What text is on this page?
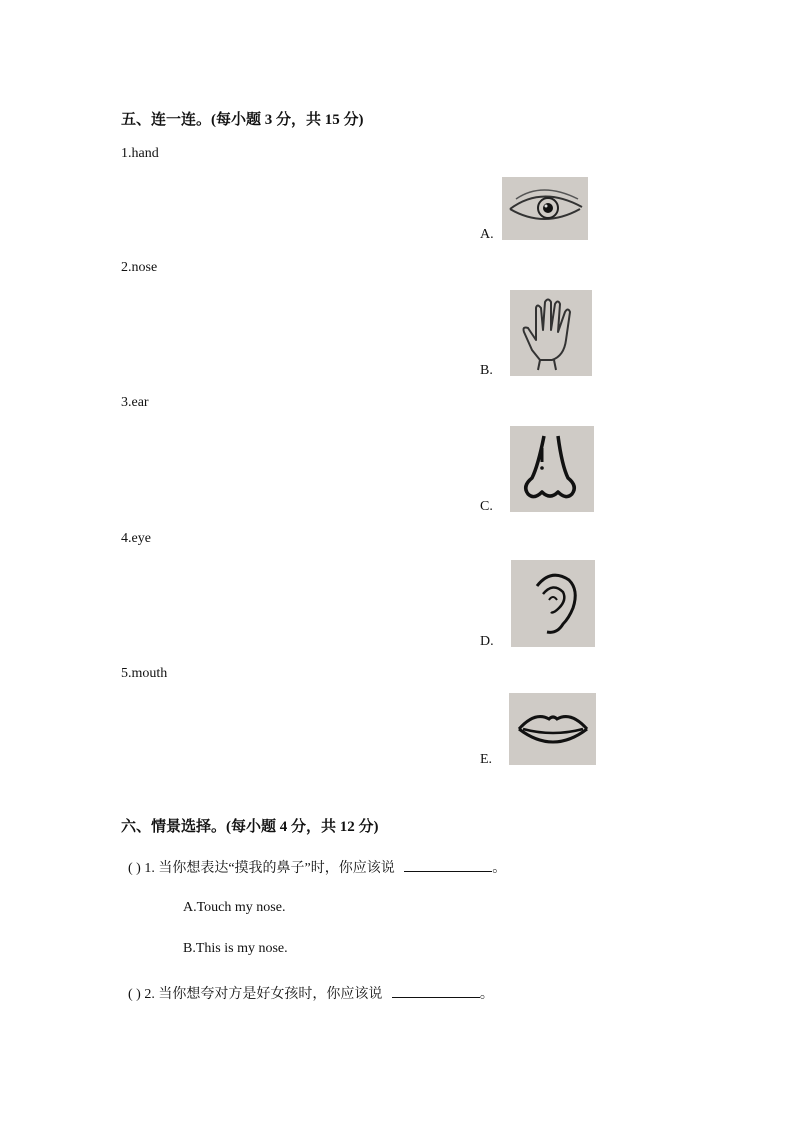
五、连一连。(每小题 3 分，共 15 分)
1.hand
2.nose
3.ear
4.eye
5.mouth
A.
B.
C.
D.
E.
六、情景选择。(每小题 4 分，共 12 分)
( ) 1. 当你想表达“摸我的鼻子”时，你应该说	。
A.Touch my nose.
B.This is my nose.
( ) 2. 当你想夸对方是好女孩时，你应该说	。
